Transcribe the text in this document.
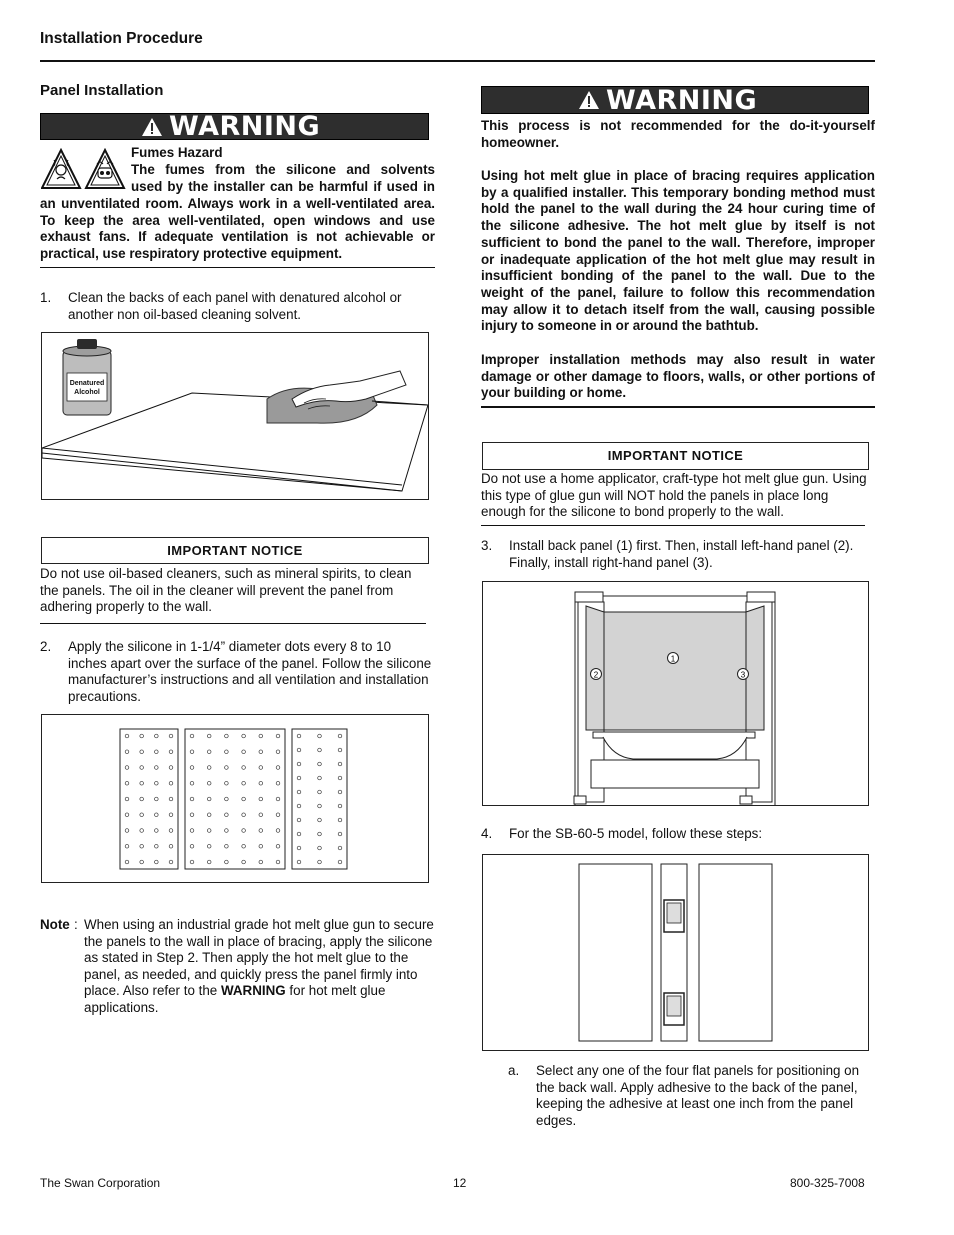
Installation Procedure
Panel Installation
WARNING
Fumes Hazard
The fumes from the silicone and solvents
used by the installer can be harmful if used in
an unventilated room. Always work in a well-ventilated area. To keep the area well-ventilated, open windows and use exhaust fans. If adequate ventilation is not achievable or practical, use respiratory protective equipment.
1.	Clean the backs of each panel with denatured alcohol or another non oil-based cleaning solvent.
Denatured
Alcohol
IMPORTANT NOTICE
Do not use oil-based cleaners, such as mineral spirits, to clean the panels. The oil in the cleaner will prevent the panel from adhering properly to the wall.
2.	Apply the silicone in 1-1/4” diameter dots every 8 to 10 inches apart over the surface of the panel. Follow the silicone manufacturer’s instructions and all ventilation and installation precautions.
Note : When using an industrial grade hot melt glue gun to secure the panels to the wall in place of bracing, apply the silicone as stated in Step 2. Then apply the hot melt glue to the panel, as needed, and quickly press the panel firmly into place. Also refer to the WARNING for hot melt glue applications.
WARNING
This process is not recommended for the do-it-yourself homeowner.
Using hot melt glue in place of bracing requires application by a qualified installer. This temporary bonding method must hold the panel to the wall during the 24 hour curing time of the silicone adhesive. The hot melt glue by itself is not sufficient to bond the panel to the wall. Therefore, improper or inadequate application of the hot melt glue may result in insufficient bonding of the panel to the wall. Due to the weight of the panel, failure to follow this recommendation may allow it to detach itself from the wall, causing possible injury to someone in or around the bathtub.
Improper installation methods may also result in water damage or other damage to floors, walls, or other portions of your building or home.
IMPORTANT NOTICE
Do not use a home applicator, craft-type hot melt glue gun. Using this type of glue gun will NOT hold the panels in place long enough for the silicone to bond properly to the wall.
3.	Install back panel (1) first. Then, install left-hand panel (2). Finally, install right-hand panel (3).
1
2	3
4.	For the SB-60-5 model, follow these steps:
a.	Select any one of the four flat panels for positioning on the back wall. Apply adhesive to the back of the panel, keeping the adhesive at least one inch from the panel edges.
The Swan Corporation	12	800-325-7008
